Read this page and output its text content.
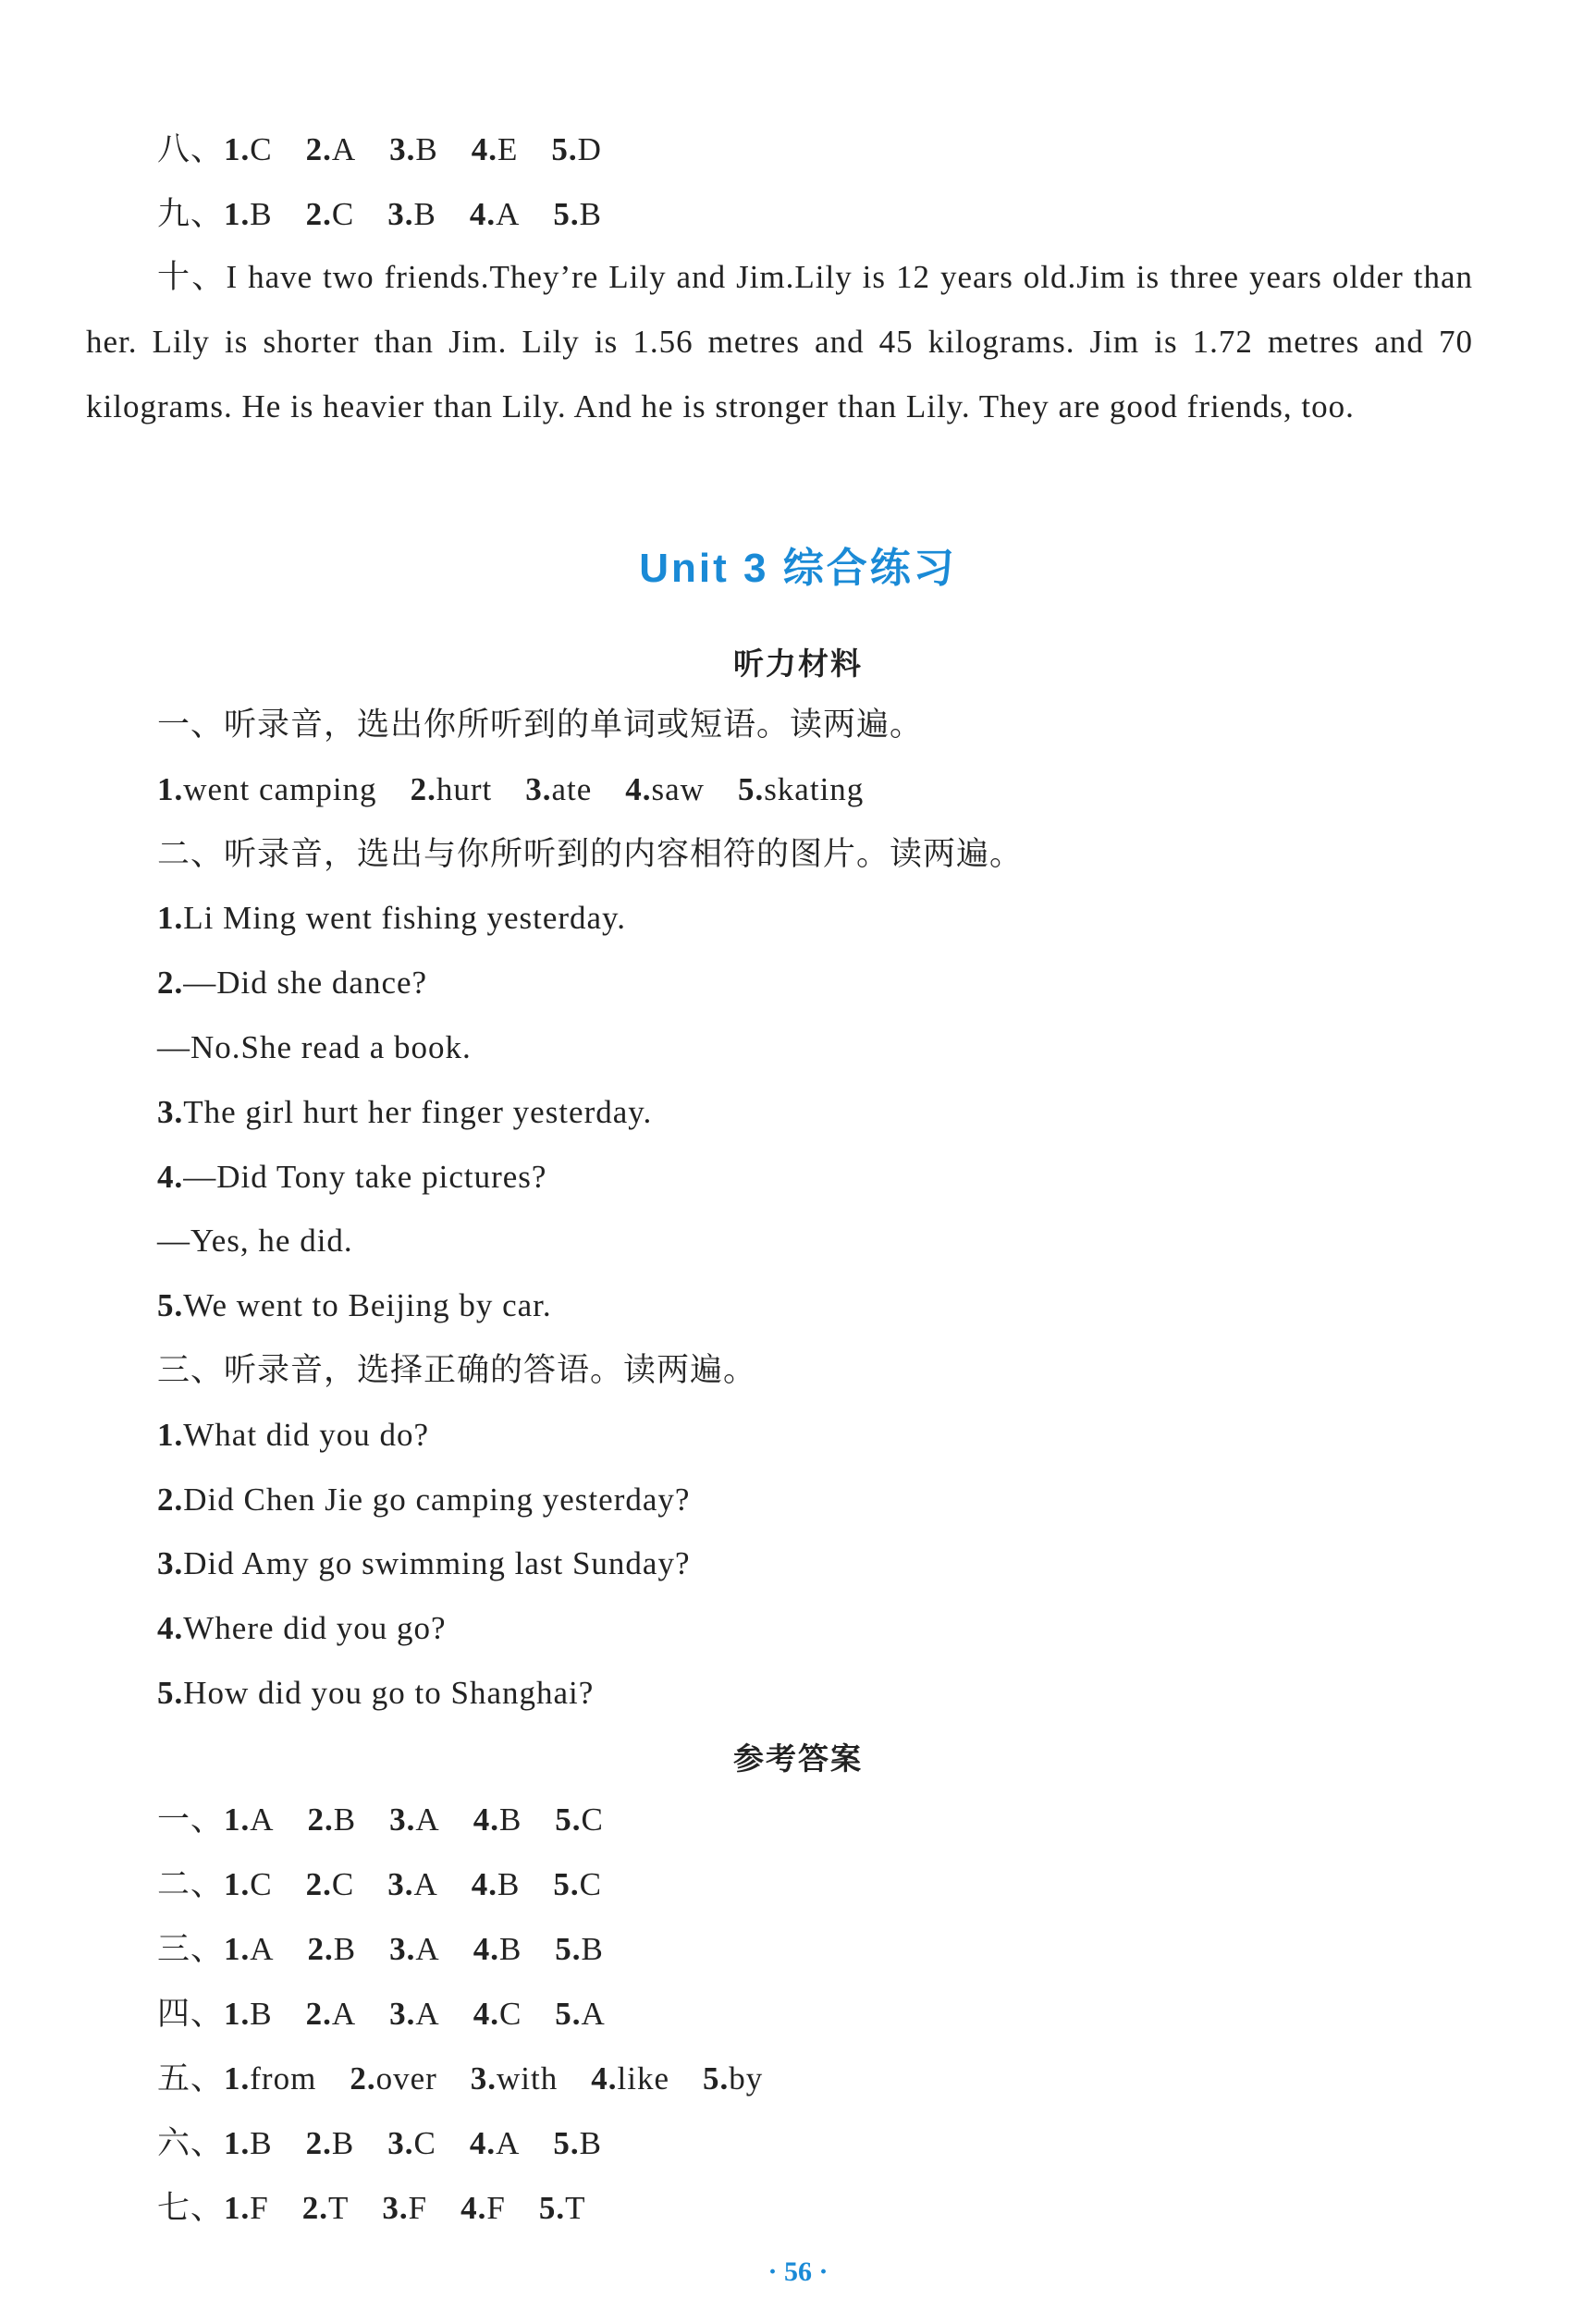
八、1.C 2.A 3.B 4.E 5.D
九、1.B 2.C 3.B 4.A 5.B
十、I have two friends.They’re Lily and Jim.Lily is 12 years old.Jim is three years older than her. Lily is shorter than Jim. Lily is 1.56 metres and 45 kilograms. Jim is 1.72 metres and 70 kilograms. He is heavier than Lily. And he is stronger than Lily. They are good friends, too.
Unit 3 综合练习
听力材料
一、听录音，选出你所听到的单词或短语。读两遍。
1.went camping 2.hurt 3.ate 4.saw 5.skating
二、听录音，选出与你所听到的内容相符的图片。读两遍。
1.Li Ming went fishing yesterday.
2.—Did she dance?
—No.She read a book.
3.The girl hurt her finger yesterday.
4.—Did Tony take pictures?
—Yes, he did.
5.We went to Beijing by car.
三、听录音，选择正确的答语。读两遍。
1.What did you do?
2.Did Chen Jie go camping yesterday?
3.Did Amy go swimming last Sunday?
4.Where did you go?
5.How did you go to Shanghai?
参考答案
一、1.A 2.B 3.A 4.B 5.C
二、1.C 2.C 3.A 4.B 5.C
三、1.A 2.B 3.A 4.B 5.B
四、1.B 2.A 3.A 4.C 5.A
五、1.from 2.over 3.with 4.like 5.by
六、1.B 2.B 3.C 4.A 5.B
七、1.F 2.T 3.F 4.F 5.T
· 56 ·
